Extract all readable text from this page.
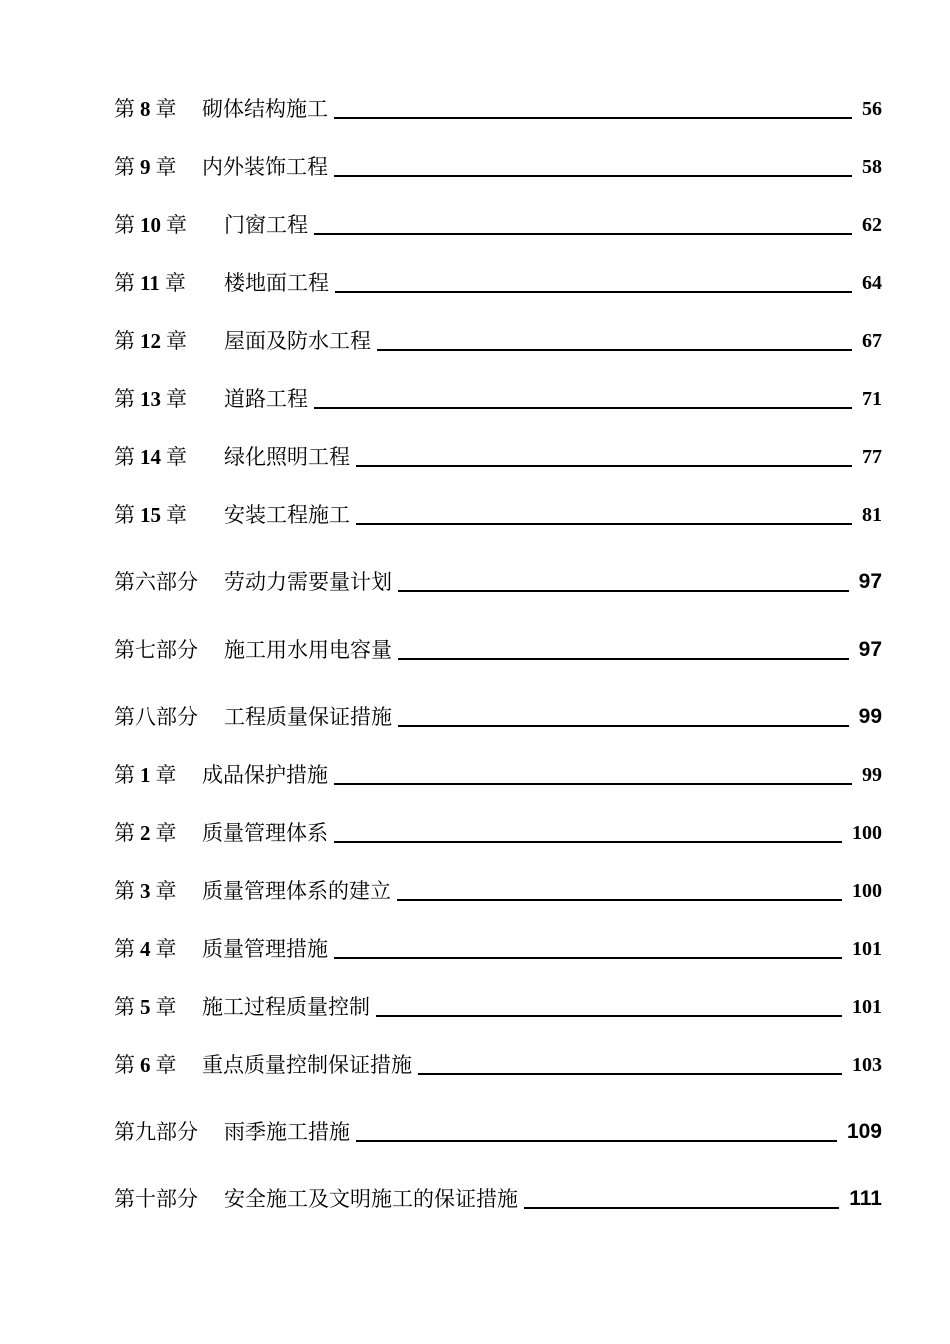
第 8 章 砌体结构施工	56
第 9 章 内外装饰工程	58
第 10 章 门窗工程	62
第 11 章 楼地面工程	64
第 12 章 屋面及防水工程	67
第 13 章 道路工程	71
第 14 章 绿化照明工程	77
第 15 章 安装工程施工	81
第六部分	劳动力需要量计划	97
第七部分	施工用水用电容量	97
第八部分	工程质量保证措施	99
第 1 章 成品保护措施	99
第 2 章 质量管理体系	100
第 3 章 质量管理体系的建立	100
第 4 章 质量管理措施	101
第 5 章 施工过程质量控制	101
第 6 章 重点质量控制保证措施	103
第九部分	雨季施工措施	109
第十部分	安全施工及文明施工的保证措施	111
